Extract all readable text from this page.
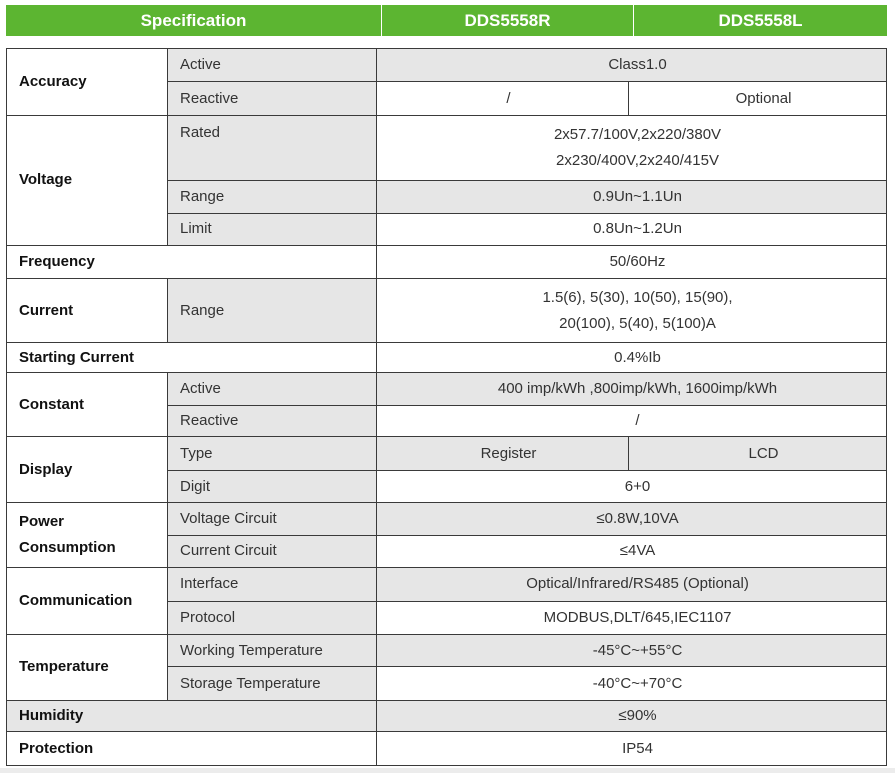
Specification	DDS5558R	DDS5558L
Accuracy	Active	Class1.0	
	Reactive	/	Optional
Voltage	Rated	2x57.7/100V,2x220/380V
2x230/400V,2x240/415V	

	Range	0.9Un~1.1Un	
	Limit	0.8Un~1.2Un	
Frequency		50/60Hz	
Current	Range	1.5(6), 5(30), 10(50), 15(90),
20(100), 5(40), 5(100)A	

Starting Current		0.4%Ib	
Constant	Active	400 imp/kWh ,800imp/kWh, 1600imp/kWh	
	Reactive	/	
Display	Type	Register	LCD
	Digit	6+0	

Power
Consumption	Voltage Circuit	≤0.8W,10VA	
	Current Circuit	≤4VA	
Communication	Interface	Optical/Infrared/RS485 (Optional)	
	Protocol	MODBUS,DLT/645,IEC1107	
Temperature	Working Temperature	-45°C~+55°C	
	Storage Temperature	-40°C~+70°C	
Humidity		≤90%	
Protection		IP54	
